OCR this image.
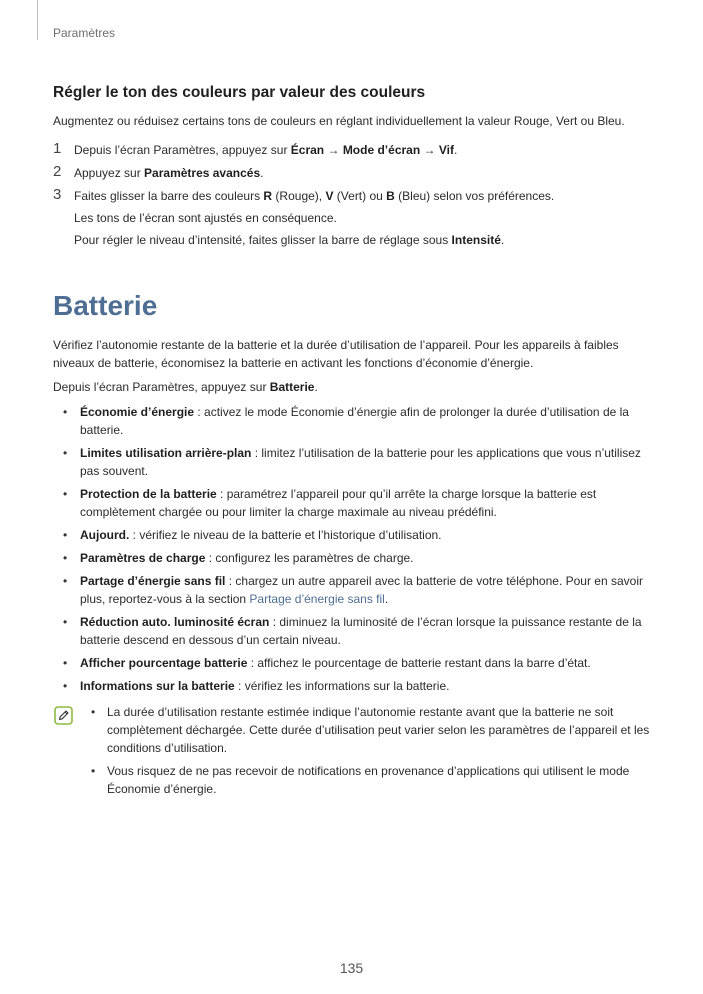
Paramètres
Régler le ton des couleurs par valeur des couleurs

Augmentez ou réduisez certains tons de couleurs en réglant individuellement la valeur Rouge, Vert ou Bleu.

1 Depuis l’écran Paramètres, appuyez sur Écran → Mode d’écran → Vif.
2 Appuyez sur Paramètres avancés.
3 Faites glisser la barre des couleurs R (Rouge), V (Vert) ou B (Bleu) selon vos préférences.
Les tons de l’écran sont ajustés en conséquence.
Pour régler le niveau d’intensité, faites glisser la barre de réglage sous Intensité.
Batterie

Vérifiez l’autonomie restante de la batterie et la durée d’utilisation de l’appareil. Pour les appareils à faibles niveaux de batterie, économisez la batterie en activant les fonctions d’économie d’énergie.

Depuis l’écran Paramètres, appuyez sur Batterie.

• Économie d’énergie : activez le mode Économie d’énergie afin de prolonger la durée d’utilisation de la batterie.
• Limites utilisation arrière-plan : limitez l’utilisation de la batterie pour les applications que vous n’utilisez pas souvent.
• Protection de la batterie : paramétrez l’appareil pour qu’il arrête la charge lorsque la batterie est complètement chargée ou pour limiter la charge maximale au niveau prédéfini.
• Aujourd. : vérifiez le niveau de la batterie et l’historique d’utilisation.
• Paramètres de charge : configurez les paramètres de charge.
• Partage d’énergie sans fil : chargez un autre appareil avec la batterie de votre téléphone. Pour en savoir plus, reportez-vous à la section Partage d’énergie sans fil.
• Réduction auto. luminosité écran : diminuez la luminosité de l’écran lorsque la puissance restante de la batterie descend en dessous d’un certain niveau.
• Afficher pourcentage batterie : affichez le pourcentage de batterie restant dans la barre d’état.
• Informations sur la batterie : vérifiez les informations sur la batterie.
• La durée d’utilisation restante estimée indique l’autonomie restante avant que la batterie ne soit complètement déchargée. Cette durée d’utilisation peut varier selon les paramètres de l’appareil et les conditions d’utilisation.
• Vous risquez de ne pas recevoir de notifications en provenance d’applications qui utilisent le mode Économie d’énergie.
135
